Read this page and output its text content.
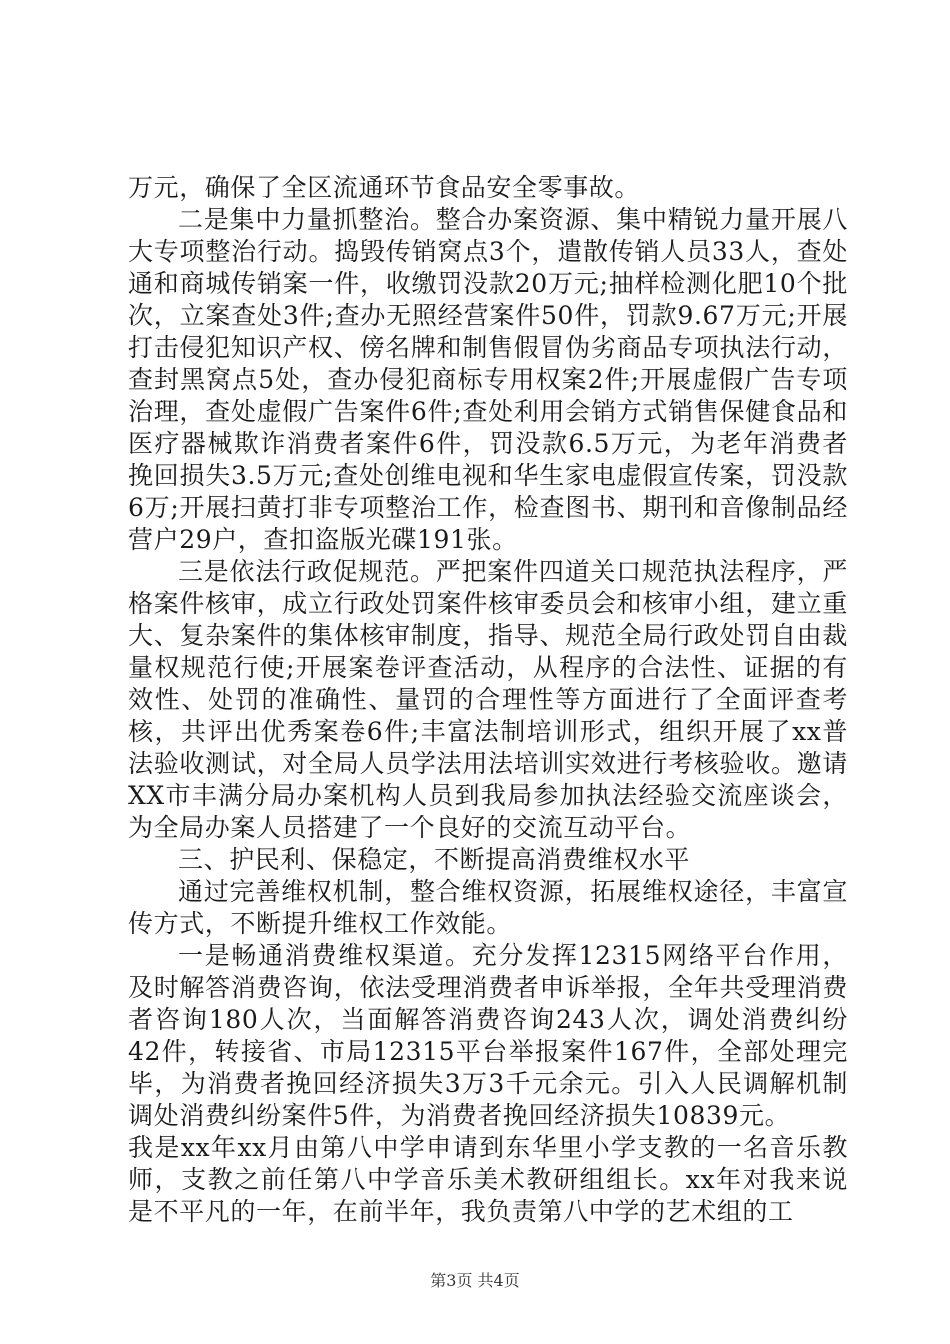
万元，确保了全区流通环节食品安全零事故。

二是集中力量抓整治。整合办案资源、集中精锐力量开展八大专项整治行动。捣毁传销窝点3个，遣散传销人员33人，查处通和商城传销案一件，收缴罚没款20万元;抽样检测化肥10个批次，立案查处3件;查办无照经营案件50件，罚款9.67万元;开展打击侵犯知识产权、傍名牌和制售假冒伪劣商品专项执法行动，查封黑窝点5处，查办侵犯商标专用权案2件;开展虚假广告专项治理，查处虚假广告案件6件;查处利用会销方式销售保健食品和医疗器械欺诈消费者案件6件，罚没款6.5万元，为老年消费者挽回损失3.5万元;查处创维电视和华生家电虚假宣传案，罚没款6万;开展扫黄打非专项整治工作，检查图书、期刊和音像制品经营户29户，查扣盗版光碟191张。

三是依法行政促规范。严把案件四道关口规范执法程序，严格案件核审，成立行政处罚案件核审委员会和核审小组，建立重大、复杂案件的集体核审制度，指导、规范全局行政处罚自由裁量权规范行使;开展案卷评查活动，从程序的合法性、证据的有效性、处罚的准确性、量罚的合理性等方面进行了全面评查考核，共评出优秀案卷6件;丰富法制培训形式，组织开展了xx普法验收测试，对全局人员学法用法培训实效进行考核验收。邀请XX市丰满分局办案机构人员到我局参加执法经验交流座谈会，为全局办案人员搭建了一个良好的交流互动平台。

三、护民利、保稳定，不断提高消费维权水平

通过完善维权机制，整合维权资源，拓展维权途径，丰富宣传方式，不断提升维权工作效能。

一是畅通消费维权渠道。充分发挥12315网络平台作用，及时解答消费咨询，依法受理消费者申诉举报，全年共受理消费者咨询180人次，当面解答消费咨询243人次，调处消费纠纷42件，转接省、市局12315平台举报案件167件，全部处理完毕，为消费者挽回经济损失3万3千元余元。引入人民调解机制调处消费纠纷案件5件，为消费者挽回经济损失10839元。

我是xx年xx月由第八中学申请到东华里小学支教的一名音乐教师，支教之前任第八中学音乐美术教研组组长。xx年对我来说是不平凡的一年，在前半年，我负责第八中学的艺术组的工

第3页 共4页
